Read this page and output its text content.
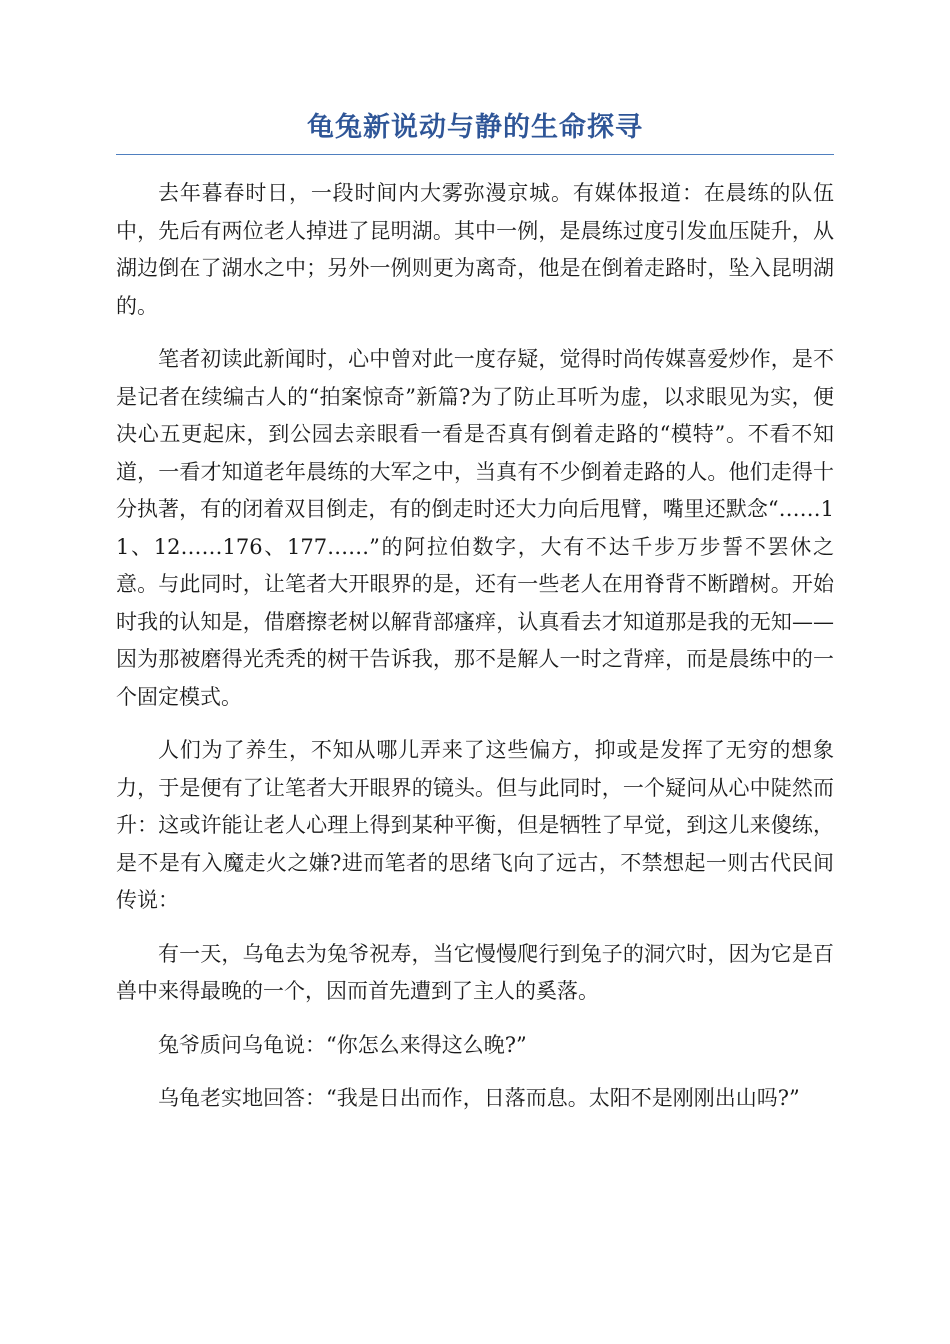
龟兔新说动与静的生命探寻

去年暮春时日，一段时间内大雾弥漫京城。有媒体报道：在晨练的队伍中，先后有两位老人掉进了昆明湖。其中一例，是晨练过度引发血压陡升，从湖边倒在了湖水之中；另外一例则更为离奇，他是在倒着走路时，坠入昆明湖的。

笔者初读此新闻时，心中曾对此一度存疑，觉得时尚传媒喜爱炒作，是不是记者在续编古人的“拍案惊奇”新篇?为了防止耳听为虚，以求眼见为实，便决心五更起床，到公园去亲眼看一看是否真有倒着走路的“模特”。不看不知道，一看才知道老年晨练的大军之中，当真有不少倒着走路的人。他们走得十分执著，有的闭着双目倒走，有的倒走时还大力向后甩臂，嘴里还默念“……11、12……176、177……”的阿拉伯数字，大有不达千步万步誓不罢休之意。与此同时，让笔者大开眼界的是，还有一些老人在用脊背不断蹭树。开始时我的认知是，借磨擦老树以解背部瘙痒，认真看去才知道那是我的无知——因为那被磨得光秃秃的树干告诉我，那不是解人一时之背痒，而是晨练中的一个固定模式。

人们为了养生，不知从哪儿弄来了这些偏方，抑或是发挥了无穷的想象力，于是便有了让笔者大开眼界的镜头。但与此同时，一个疑问从心中陡然而升：这或许能让老人心理上得到某种平衡，但是牺牲了早觉，到这儿来傻练，是不是有入魔走火之嫌?进而笔者的思绪飞向了远古，不禁想起一则古代民间传说：

有一天，乌龟去为兔爷祝寿，当它慢慢爬行到兔子的洞穴时，因为它是百兽中来得最晚的一个，因而首先遭到了主人的奚落。

兔爷质问乌龟说：“你怎么来得这么晚?”

乌龟老实地回答：“我是日出而作，日落而息。太阳不是刚刚出山吗?”
